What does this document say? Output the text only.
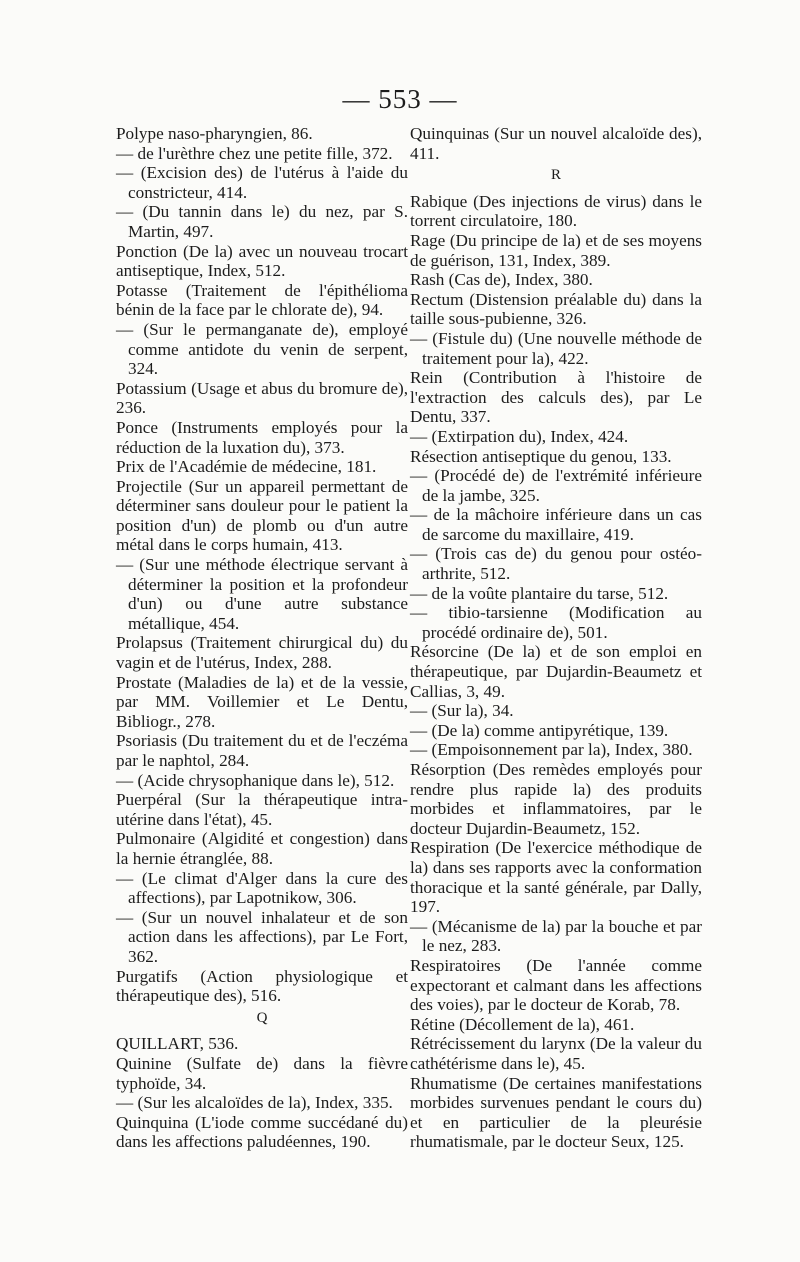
— 553 —

Polype naso-pharyngien, 86.

— de l'urèthre chez une petite fille, 372.

— (Excision des) de l'utérus à l'aide du constricteur, 414.

— (Du tannin dans le) du nez, par S. Martin, 497.

Ponction (De la) avec un nouveau trocart antiseptique, Index, 512.

Potasse (Traitement de l'épithélioma bénin de la face par le chlorate de), 94.

— (Sur le permanganate de), employé comme antidote du venin de serpent, 324.

Potassium (Usage et abus du bromure de), 236.

Ponce (Instruments employés pour la réduction de la luxation du), 373.

Prix de l'Académie de médecine, 181.

Projectile (Sur un appareil permettant de déterminer sans douleur pour le patient la position d'un) de plomb ou d'un autre métal dans le corps humain, 413.

— (Sur une méthode électrique servant à déterminer la position et la profondeur d'un) ou d'une autre substance métallique, 454.

Prolapsus (Traitement chirurgical du) du vagin et de l'utérus, Index, 288.

Prostate (Maladies de la) et de la vessie, par MM. Voillemier et Le Dentu, Bibliogr., 278.

Psoriasis (Du traitement du et de l'eczéma par le naphtol, 284.

— (Acide chrysophanique dans le), 512.

Puerpéral (Sur la thérapeutique intra-utérine dans l'état), 45.

Pulmonaire (Algidité et congestion) dans la hernie étranglée, 88.

— (Le climat d'Alger dans la cure des affections), par Lapotnikow, 306.

— (Sur un nouvel inhalateur et de son action dans les affections), par Le Fort, 362.

Purgatifs (Action physiologique et thérapeutique des), 516.

Q

QUILLART, 536.

Quinine (Sulfate de) dans la fièvre typhoïde, 34.

— (Sur les alcaloïdes de la), Index, 335.

Quinquina (L'iode comme succédané du) dans les affections paludéennes, 190.

Quinquinas (Sur un nouvel alcaloïde des), 411.

R

Rabique (Des injections de virus) dans le torrent circulatoire, 180.

Rage (Du principe de la) et de ses moyens de guérison, 131, Index, 389.

Rash (Cas de), Index, 380.

Rectum (Distension préalable du) dans la taille sous-pubienne, 326.

— (Fistule du) (Une nouvelle méthode de traitement pour la), 422.

Rein (Contribution à l'histoire de l'extraction des calculs des), par Le Dentu, 337.

— (Extirpation du), Index, 424.

Résection antiseptique du genou, 133.

— (Procédé de) de l'extrémité inférieure de la jambe, 325.

— de la mâchoire inférieure dans un cas de sarcome du maxillaire, 419.

— (Trois cas de) du genou pour ostéo-arthrite, 512.

— de la voûte plantaire du tarse, 512.

— tibio-tarsienne (Modification au procédé ordinaire de), 501.

Résorcine (De la) et de son emploi en thérapeutique, par Dujardin-Beaumetz et Callias, 3, 49.

— (Sur la), 34.

— (De la) comme antipyrétique, 139.

— (Empoisonnement par la), Index, 380.

Résorption (Des remèdes employés pour rendre plus rapide la) des produits morbides et inflammatoires, par le docteur Dujardin-Beaumetz, 152.

Respiration (De l'exercice méthodique de la) dans ses rapports avec la conformation thoracique et la santé générale, par Dally, 197.

— (Mécanisme de la) par la bouche et par le nez, 283.

Respiratoires (De l'année comme expectorant et calmant dans les affections des voies), par le docteur de Korab, 78.

Rétine (Décollement de la), 461.

Rétrécissement du larynx (De la valeur du cathétérisme dans le), 45.

Rhumatisme (De certaines manifestations morbides survenues pendant le cours du) et en particulier de la pleurésie rhumatismale, par le docteur Seux, 125.
